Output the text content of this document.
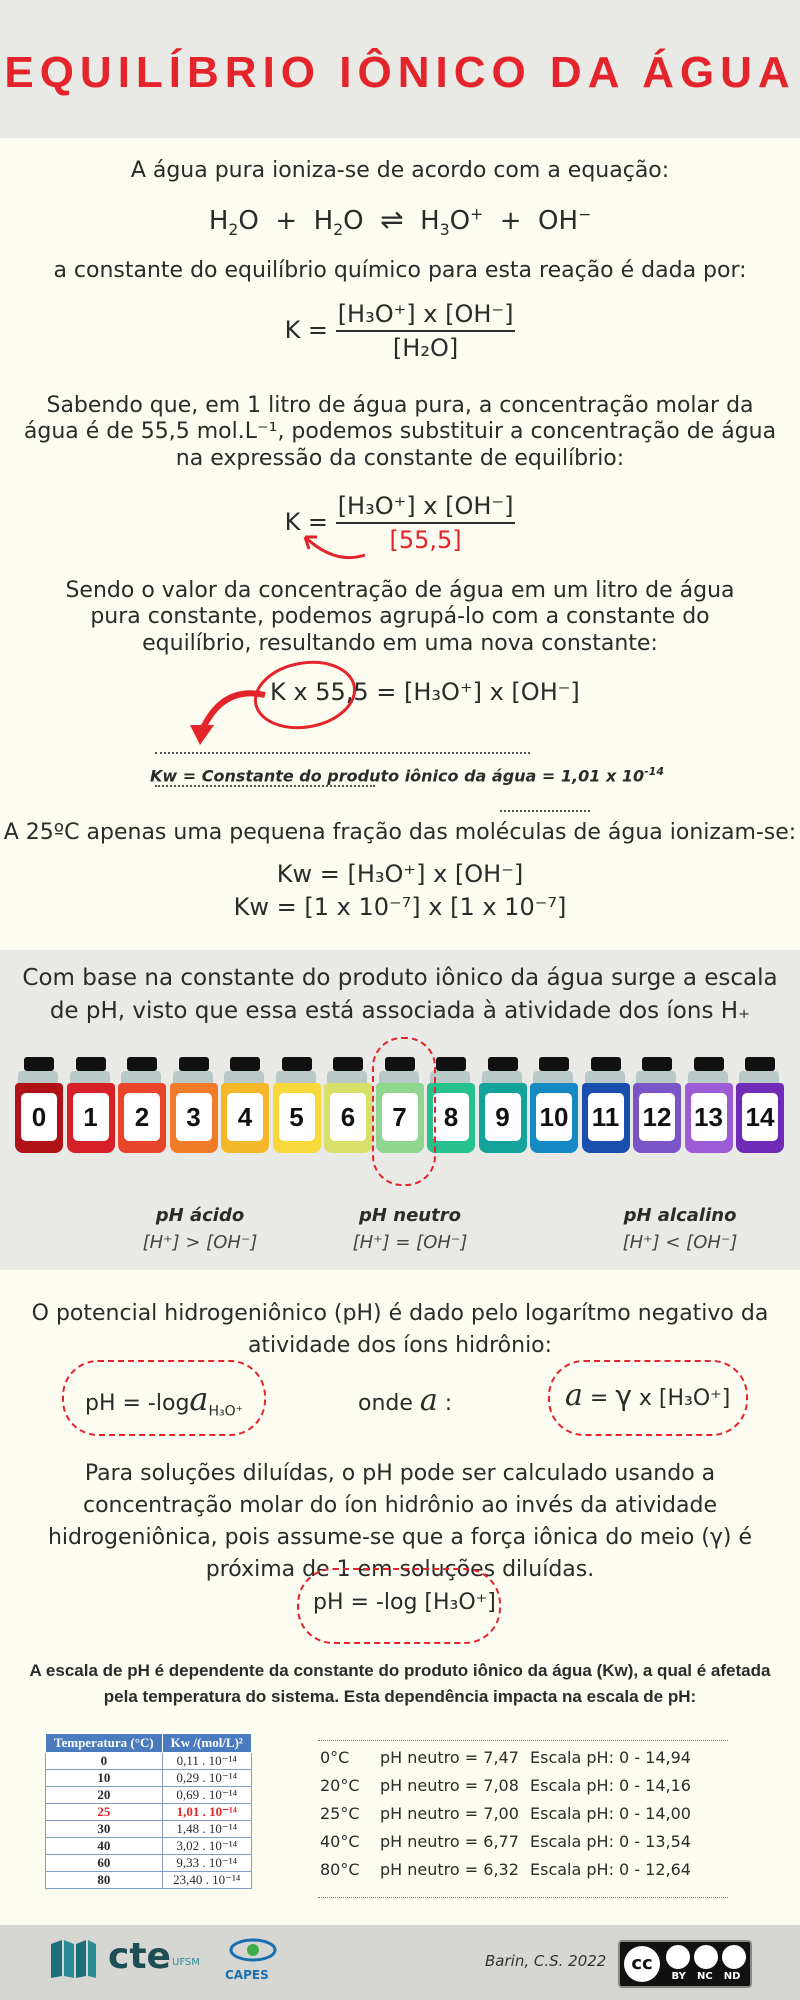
EQUILÍBRIO IÔNICO DA ÁGUA
A água pura ioniza-se de acordo com a equação:
$H_2O + H_2O$ ⇌ $H_3O^+ + OH^-$
a constante do equilíbrio químico para esta reação é dada por:
$K = \frac{\text{[H₃O⁺] x [OH⁻]}}{\text{[H₂O]}}$
Sabendo que, em 1 litro de água pura, a concentração molar da água é de 55,5 mol.L⁻¹, podemos substituir a concentração de água na expressão da constante de equilíbrio:
$K = \frac{\text{[H₃O⁺] x [OH⁻]}}{[55,5]}$
Sendo o valor da concentração de água em um litro de água pura constante, podemos agrupá-lo com a constante do equilíbrio, resultando em uma nova constante:
K x 55,5 = [H₃O⁺] x [OH⁻]
Kw = Constante do produto iônico da água = 1,01 x $10^{-14}$
A 25ºC apenas uma pequena fração das moléculas de água ionizam-se:
Kw = [H₃O⁺] x [OH⁻]
Kw = [1 x 10⁻⁷] x [1 x 10⁻⁷]
Com base na constante do produto iônico da água surge a escala de pH, visto que essa está associada à atividade dos íons H₊
0	1	2	3	4	5	6	7	8	9	10 11 12 13 14
pH ácido
[H⁺] > [OH⁻]
pH neutro
[H⁺] = [OH⁻]
pH alcalino
[H⁺] < [OH⁻]
O potencial hidrogeniônico (pH) é dado pelo logarítmo negativo da atividade dos íons hidrônio:
pH = -loga$_{H_3O^+}$	onde a :	a = γ x [H₃O⁺]
Para soluções diluídas, o pH pode ser calculado usando a concentração molar do íon hidrônio ao invés da atividade hidrogeniônica, pois assume-se que a força iônica do meio (γ) é próxima de 1 em soluções diluídas.
pH = -log [H₃O⁺]
A escala de pH é dependente da constante do produto iônico da água (Kw), a qual é afetada pela temperatura do sistema. Esta dependência impacta na escala de pH:
Temperatura (°C)	Kw /(mol/L)²
0	0,11 . 10⁻¹⁴
10	0,29 . 10⁻¹⁴
20	0,69 . 10⁻¹⁴
25	1,01 . 10⁻¹⁴
30	1,48 . 10⁻¹⁴
40	3,02 . 10⁻¹⁴
60	9,33 . 10⁻¹⁴
80	23,40 . 10⁻¹⁴
0°C pH neutro = 7,47 Escala pH: 0 - 14,94
20°C pH neutro = 7,08 Escala pH: 0 - 14,16
25°C pH neutro = 7,00 Escala pH: 0 - 14,00
40°C pH neutro = 6,77 Escala pH: 0 - 13,54
80°C pH neutro = 6,32 Escala pH: 0 - 12,64
cte UFSM
CAPES
Barin, C.S. 2022	cc
BY NC ND
